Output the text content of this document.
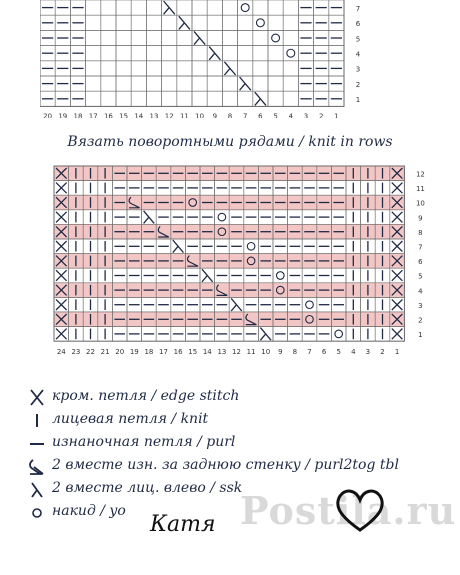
7
6
5
4
3
2
1
20 19 18 17 16 15 14 13 12 11 10 9 8 7 6 5 4 3 2 1
Вязать поворотными рядами / knit in rows
12
11
10
9
8
7
6
5
4
3
2
1
24 23 22 21 20 19 18 17 16 15 14 13 12 11 10 9 8 7 6 5 4 3 2 1
кром. петля / edge stitch
лицевая петля / knit
изнаночная петля / purl
2 вместе изн. за заднюю стенку / purl2tog tbl
2 вместе лиц. влево / ssk
накид / yo	Postila.ru
Катя
